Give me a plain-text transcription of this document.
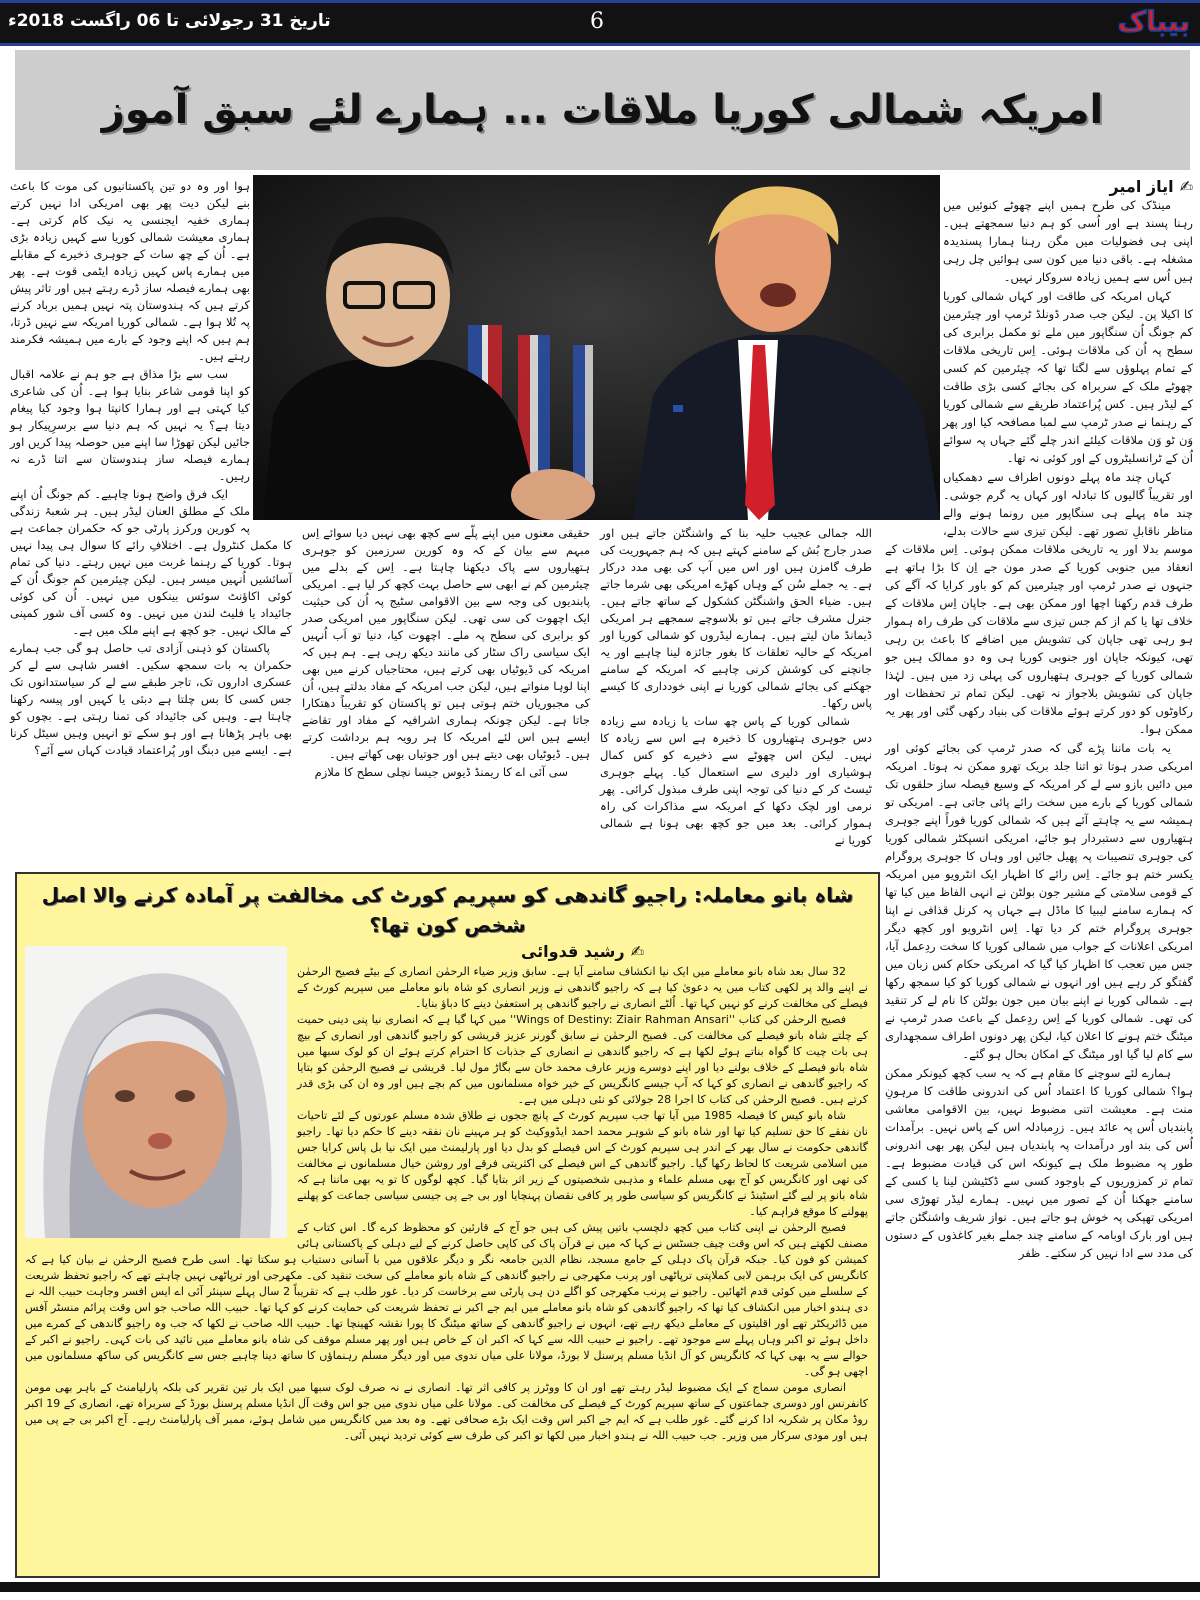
تاریخ 31 رجولائی تا 06 راگست 2018ء	6	بیباک
امریکہ شمالی کوریا ملاقات ... ہمارے لئے سبق آموز
✍
ایاز امیر

مینڈک کی طرح ہمیں اپنے چھوٹے کنوئیں میں رہنا پسند ہے اور اُسی کو ہم دنیا سمجھتے ہیں۔ اپنی ہی فضولیات میں مگن رہنا ہمارا پسندیدہ مشغلہ ہے۔ باقی دنیا میں کون سی ہوائیں چل رہی ہیں اُس سے ہمیں زیادہ سروکار نہیں۔

کہاں امریکہ کی طاقت اور کہاں شمالی کوریا کا اکیلا پن۔ لیکن جب صدر ڈونلڈ ٹرمپ اور چیئرمین کم جونگ اُن سنگاپور میں ملے تو مکمل برابری کی سطح پہ اُن کی ملاقات ہوئی۔ اِس تاریخی ملاقات کے تمام پہلوؤں سے لگتا تھا کہ چیئرمین کم کسی چھوٹے ملک کے سربراہ کی بجائے کسی بڑی طاقت کے لیڈر ہیں۔ کس پُراعتماد طریقے سے شمالی کوریا کے رہنما نے صدر ٹرمپ سے لمبا مصافحہ کیا اور پھر وَن ٹو وَن ملاقات کیلئے اندر چلے گئے جہاں پہ سوائے اُن کے ٹرانسلیٹروں کے اور کوئی نہ تھا۔

کہاں چند ماہ پہلے دونوں اطراف سے دھمکیاں اور تقریباً گالیوں کا تبادلہ اور کہاں یہ گرم جوشی۔ چند ماہ پہلے ہی سنگاپور میں رونما ہونے والے مناظر ناقابلِ تصور تھے۔ لیکن تیزی سے حالات بدلے، موسم بدلا اور یہ تاریخی ملاقات ممکن ہوئی۔ اِس ملاقات کے انعقاد میں جنوبی کوریا کے صدر مون جے اِن کا بڑا ہاتھ ہے جنہوں نے صدر ٹرمپ اور چیئرمین کم کو باور کرایا کہ آگے کی طرف قدم رکھنا اچھا اور ممکن بھی ہے۔ جاپان اِس ملاقات کے خلاف تھا یا کم از کم جس تیزی سے ملاقات کی طرف راہ ہموار ہو رہی تھی جاپان کی تشویش میں اضافے کا باعث بن رہی تھی، کیونکہ جاپان اور جنوبی کوریا ہی وہ دو ممالک ہیں جو شمالی کوریا کے جوہری ہتھیاروں کی پہلی زد میں ہیں۔ لہٰذا جاپان کی تشویش بلاجواز نہ تھی۔ لیکن تمام تر تحفظات اور رکاوٹوں کو دور کرتے ہوئے ملاقات کی بنیاد رکھی گئی اور پھر یہ ممکن ہوا۔

یہ بات ماننا پڑے گی کہ صدر ٹرمپ کی بجائے کوئی اور امریکی صدر ہوتا تو اتنا جلد بریک تھرو ممکن نہ ہوتا۔ امریکہ میں دائیں بازو سے لے کر امریکہ کے وسیع فیصلہ ساز حلقوں تک شمالی کوریا کے بارے میں سخت رائے پائی جاتی ہے۔ امریکی تو ہمیشہ سے یہ چاہتے آئے ہیں کہ شمالی کوریا فوراً اپنے جوہری ہتھیاروں سے دستبردار ہو جائے، امریکی انسپکٹر شمالی کوریا کی جوہری تنصیبات پہ پھیل جائیں اور وہاں کا جوہری پروگرام یکسر ختم ہو جائے۔ اِس رائے کا اظہار ایک انٹرویو میں امریکہ کے قومی سلامتی کے مشیر جون بولٹن نے انہی الفاظ میں کیا تھا کہ ہمارے سامنے لیبیا کا ماڈل ہے جہاں پہ کرنل قذافی نے اپنا جوہری پروگرام ختم کر دیا تھا۔ اِس انٹرویو اور کچھ دیگر امریکی اعلانات کے جواب میں شمالی کوریا کا سخت ردِعمل آیا، جس میں تعجب کا اظہار کیا گیا کہ امریکی حکام کس زبان میں گفتگو کر رہے ہیں اور انہوں نے شمالی کوریا کو کیا سمجھ رکھا ہے۔ شمالی کوریا نے اپنے بیان میں جون بولٹن کا نام لے کر تنقید کی تھی۔ شمالی کوریا کے اِس ردِعمل کے باعث صدر ٹرمپ نے میٹنگ ختم ہونے کا اعلان کیا، لیکن پھر دونوں اطراف سمجھداری سے کام لیا گیا اور میٹنگ کے امکان بحال ہو گئے۔

ہمارے لئے سوچنے کا مقام ہے کہ یہ سب کچھ کیونکر ممکن ہوا؟ شمالی کوریا کا اعتماد اُس کی اندرونی طاقت کا مرہونِ منت ہے۔ معیشت اتنی مضبوط نہیں، بین الاقوامی معاشی پابندیاں اُس پہ عائد ہیں۔ زرِمبادلہ اس کے پاس نہیں۔ برآمدات اُس کی بند اور درآمدات پہ پابندیاں ہیں لیکن پھر بھی اندرونی طور پہ مضبوط ملک ہے کیونکہ اس کی قیادت مضبوط ہے۔ تمام تر کمزوریوں کے باوجود کسی سے ڈکٹیشن لینا یا کسی کے سامنے جھکنا اُن کے تصور میں نہیں۔ ہمارے لیڈر تھوڑی سی امریکی تھپکی پہ خوش ہو جاتے ہیں۔ نواز شریف واشنگٹن جاتے ہیں اور بارک اوبامہ کے سامنے چند جملے بغیر کاغذوں کے دستوں کی مدد سے ادا نہیں کر سکتے۔ ظفر

ہوا اور وہ دو تین پاکستانیوں کی موت کا باعث بنے لیکن دیت پھر بھی امریکی ادا نہیں کرتے ہماری خفیہ ایجنسی یہ نیک کام کرتی ہے۔ ہماری معیشت شمالی کوریا سے کہیں زیادہ بڑی ہے۔ اُن کے چھ سات کے جوہری ذخیرے کے مقابلے میں ہمارے پاس کہیں زیادہ ایٹمی قوت ہے۔ پھر بھی ہمارے فیصلہ ساز ڈرے رہتے ہیں اور تاثر پیش کرتے ہیں کہ ہندوستان پتہ نہیں ہمیں برباد کرنے پہ تُلا ہوا ہے۔ شمالی کوریا امریکہ سے نہیں ڈرتا، ہم ہیں کہ اپنے وجود کے بارے میں ہمیشہ فکرمند رہتے ہیں۔

سب سے بڑا مذاق ہے جو ہم نے علامہ اقبال کو اپنا قومی شاعر بنایا ہوا ہے۔ اُن کی شاعری کیا کہتی ہے اور ہمارا کانپتا ہوا وجود کیا پیغام دیتا ہے؟ یہ نہیں کہ ہم دنیا سے برسرِپیکار ہو جائیں لیکن تھوڑا سا اپنے میں حوصلہ پیدا کریں اور ہمارے فیصلہ ساز ہندوستان سے اتنا ڈرے نہ رہیں۔

ایک فرق واضح ہونا چاہیے۔ کم جونگ اُن اپنے ملک کے مطلق العنان لیڈر ہیں۔ ہر شعبۂ زندگی پہ کورین ورکرز پارٹی جو کہ حکمران جماعت ہے کا مکمل کنٹرول ہے۔ اختلافِ رائے کا سوال ہی پیدا نہیں ہوتا۔ کوریا کے رہنما غربت میں نہیں رہتے۔ دنیا کی تمام آسائشیں اُنہیں میسر ہیں۔ لیکن چیئرمین کم جونگ اُن کے کوئی اکاؤنٹ سوئس بینکوں میں نہیں۔ اُن کی کوئی جائیداد یا فلیٹ لندن میں نہیں۔ وہ کسی آف شور کمپنی کے مالک نہیں۔ جو کچھ ہے اپنے ملک میں ہے۔

پاکستان کو ذہنی آزادی تب حاصل ہو گی جب ہمارے حکمران یہ بات سمجھ سکیں۔ افسر شاہی سے لے کر عسکری اداروں تک، تاجر طبقے سے لے کر سیاستدانوں تک جس کسی کا بس چلتا ہے دبئی یا کہیں اور پیسہ رکھنا چاہتا ہے۔ وہیں کی جائیداد کی تمنا رہتی ہے۔ بچوں کو بھی باہر پڑھانا ہے اور ہو سکے تو انہیں وہیں سیٹل کرنا ہے۔ ایسے میں دبنگ اور پُراعتماد قیادت کہاں سے آئے؟

حقیقی معنوں میں اپنے پلّے سے کچھ بھی نہیں دیا سوائے اِس مبہم سے بیان کے کہ وہ کورین سرزمین کو جوہری ہتھیاروں سے پاک دیکھنا چاہتا ہے۔ اِس کے بدلے میں چیئرمین کم نے ابھی سے حاصل بہت کچھ کر لیا ہے۔ امریکی پابندیوں کی وجہ سے بین الاقوامی سٹیج پہ اُن کی حیثیت ایک اچھوت کی سی تھی۔ لیکن سنگاپور میں امریکی صدر کو برابری کی سطح پہ ملے۔ اچھوت کیا، دنیا تو اَب اُنہیں ایک سیاسی راک سٹار کی مانند دیکھ رہی ہے۔ ہم ہیں کہ امریکہ کی ڈیوٹیاں بھی کرتے ہیں، محتاجیاں کرنے میں بھی اپنا لوہا منواتے ہیں، لیکن جب امریکہ کے مفاد بدلتے ہیں، اُن کی مجبوریاں ختم ہوتی ہیں تو پاکستان کو تقریباً دھتکارا جاتا ہے۔ لیکن چونکہ ہماری اشرافیہ کے مفاد اور تقاضے ایسے ہیں اس لئے امریکہ کا ہر رویہ ہم برداشت کرتے ہیں۔ ڈیوٹیاں بھی دیتے ہیں اور جوتیاں بھی کھاتے ہیں۔

سی آئی اے کا ریمنڈ ڈیوس جیسا نچلی سطح کا ملازم

اللہ جمالی عجیب حلیہ بنا کے واشنگٹن جاتے ہیں اور صدر جارج بُش کے سامنے کہتے ہیں کہ ہم جمہوریت کی طرف گامزن ہیں اور اس میں آپ کی بھی مدد درکار ہے۔ یہ جملے سُن کے وہاں کھڑے امریکی بھی شرما جاتے ہیں۔ ضیاء الحق واشنگٹن کشکول کے ساتھ جاتے ہیں۔ جنرل مشرف جاتے ہیں تو بلاسوچے سمجھے ہر امریکی ڈیمانڈ مان لیتے ہیں۔ ہمارے لیڈروں کو شمالی کوریا اور امریکہ کے حالیہ تعلقات کا بغور جائزہ لینا چاہیے اور یہ جانچنے کی کوشش کرنی چاہیے کہ امریکہ کے سامنے جھکنے کی بجائے شمالی کوریا نے اپنی خودداری کا کیسے پاس رکھا۔

شمالی کوریا کے پاس چھ سات یا زیادہ سے زیادہ دس جوہری ہتھیاروں کا ذخیرہ ہے اس سے زیادہ کا نہیں۔ لیکن اس چھوٹے سے ذخیرے کو کس کمال ہوشیاری اور دلیری سے استعمال کیا۔ پہلے جوہری ٹیسٹ کر کے دنیا کی توجہ اپنی طرف مبذول کرائی۔ پھر نرمی اور لچک دکھا کے امریکہ سے مذاکرات کی راہ ہموار کرائی۔ بعد میں جو کچھ بھی ہونا ہے شمالی کوریا نے

شاہ بانو معاملہ: راجیو گاندھی کو سپریم کورٹ کی مخالفت پر آمادہ کرنے والا اصل شخص کون تھا؟
✍
رشید قدوائی

32 سال بعد شاہ بانو معاملے میں ایک نیا انکشاف سامنے آیا ہے۔ سابق وزیر ضیاء الرحمٰن انصاری کے بیٹے فصیح الرحمٰن نے اپنے والد پر لکھی کتاب میں یہ دعویٰ کیا ہے کہ راجیو گاندھی نے وزیر انصاری کو شاہ بانو معاملے میں سپریم کورٹ کے فیصلے کی مخالفت کرنے کو نہیں کہا تھا۔ اُلٹے انصاری نے راجیو گاندھی پر استعفیٰ دینے کا دباؤ بنایا۔

فصیح الرحمٰن کی کتاب ''Wings of Destiny: Ziair Rahman Ansari'' میں کہا گیا ہے کہ انصاری نیا پنی دینی حمیت کے چلتے شاہ بانو فیصلے کی مخالفت کی۔ فصیح الرحمٰن نے سابق گورنر عزیز قریشی کو راجیو گاندھی اور انصاری کے بیچ ہی بات چیت کا گواہ بناتے ہوئے لکھا ہے کہ راجیو گاندھی نے انصاری کے جذبات کا احترام کرتے ہوئے ان کو لوک سبھا میں شاہ بانو فیصلے کے خلاف بولنے دیا اور اپنے دوسرے وزیر عارف محمد خان سے بگاڑ مول لیا۔ قریشی نے فصیح الرحمٰن کو بتایا کہ راجیو گاندھی نے انصاری کو کہا کہ آپ جیسے کانگریس کے خیر خواہ مسلمانوں میں کم بچے ہیں اور وہ ان کی بڑی قدر کرتے ہیں۔ فصیح الرحمٰن کی کتاب کا اجرا 28 جولائی کو نئی دہلی میں ہے۔

شاہ بانو کیس کا فیصلہ 1985 میں آیا تھا جب سپریم کورٹ کے پانچ ججوں نے طلاق شدہ مسلم عورتوں کے لئے تاحیات نان نفقے کا حق تسلیم کیا تھا اور شاہ بانو کے شوہر محمد احمد ایڈووکیٹ کو ہر مہینے نان نفقہ دینے کا حکم دیا تھا۔ راجیو گاندھی حکومت نے سال بھر کے اندر ہی سپریم کورٹ کے اس فیصلے کو بدل دیا اور پارلیمنٹ میں ایک نیا بل پاس کرایا جس میں اسلامی شریعت کا لحاظ رکھا گیا۔ راجیو گاندھی کے اس فیصلے کی اکثریتی فرقے اور روشن خیال مسلمانوں نے مخالفت کی تھی اور کانگریس کو آج بھی مسلم علماء و مذہبی شخصیتوں کے زیر اثر بتایا گیا۔ کچھ لوگوں کا تو یہ بھی ماننا ہے کہ شاہ بانو پر لیے گئے اسٹینڈ نے کانگریس کو سیاسی طور پر کافی نقصان پہنچایا اور بی جے پی جیسی سیاسی جماعت کو پھلنے پھولنے کا موقع فراہم کیا۔

فصیح الرحمٰن نے اپنی کتاب میں کچھ دلچسپ باتیں پیش کی ہیں جو آج کے قارئین کو محظوظ کرے گا۔ اس کتاب کے مصنف لکھتے ہیں کہ اس وقت چیف جسٹس نے کہا کہ میں نے قرآن پاک کی کاپی حاصل کرنے کے لیے دہلی کے پاکستانی ہائی کمیشن کو فون کیا۔ جبکہ قرآن پاک دہلی کے جامع مسجد، نظام الدین جامعہ نگر و دیگر علاقوں میں با آسانی دستیاب ہو سکتا تھا۔ اسی طرح فصیح الرحمٰن نے بیان کیا ہے کہ کانگریس کی ایک برہمن لابی کملاپتی ترپاٹھی اور پرنب مکھرجی نے راجیو گاندھی کے شاہ بانو معاملے کی سخت تنقید کی۔ مکھرجی اور ترپاٹھی نہیں چاہتے تھے کہ راجیو تحفظ شریعت کے سلسلے میں کوئی قدم اٹھائیں۔ راجیو نے پرنب مکھرجی کو اگلے دن ہی پارٹی سے برخاست کر دیا۔ غور طلب ہے کہ تقریباً 2 سال پہلے سینئر آئی اے ایس افسر وجاہت حبیب اللہ نے دی ہندو اخبار میں انکشاف کیا تھا کہ راجیو گاندھی کو شاہ بانو معاملے میں ایم جے اکبر نے تحفظ شریعت کی حمایت کرنے کو کہا تھا۔ حبیب اللہ صاحب جو اس وقت پرائم منسٹر آفس میں ڈائریکٹر تھے اور اقلیتوں کے معاملے دیکھ رہے تھے، انہوں نے راجیو گاندھی کے ساتھ میٹنگ کا پورا نقشہ کھینچا تھا۔ حبیب اللہ صاحب نے لکھا کہ جب وہ راجیو گاندھی کے کمرے میں داخل ہوئے تو اکبر وہاں پہلے سے موجود تھے۔ راجیو نے حبیب اللہ سے کہا کہ اکبر ان کے خاص ہیں اور پھر مسلم موقف کی شاہ بانو معاملے میں تائید کی بات کہی۔ راجیو نے اکبر کے حوالے سے یہ بھی کہا کہ کانگریس کو آل انڈیا مسلم پرسنل لا بورڈ، مولانا علی میاں ندوی میں اور دیگر مسلم رہنماؤں کا ساتھ دینا چاہیے جس سے کانگریس کی ساکھ مسلمانوں میں اچھی ہو گی۔

انصاری مومن سماج کے ایک مضبوط لیڈر رہتے تھے اور ان کا ووٹرز پر کافی اثر تھا۔ انصاری نے نہ صرف لوک سبھا میں ایک بار تین تقریر کی بلکہ پارلیامنٹ کے باہر بھی مومن کانفرنس اور دوسری جماعتوں کے ساتھ سپریم کورٹ کے فیصلے کی مخالفت کی۔ مولانا علی میاں ندوی میں جو اس وقت آل انڈیا مسلم پرسنل بورڈ کے سربراہ تھے، انصاری کے 19 اکبر روڈ مکان پر شکریہ ادا کرنے گئے۔ غور طلب ہے کہ ایم جے اکبر اس وقت ایک بڑے صحافی تھے۔ وہ بعد میں کانگریس میں شامل ہوئے، ممبر آف پارلیامنٹ رہے۔ آج اکبر بی جے پی میں ہیں اور مودی سرکار میں وزیر۔ جب حبیب اللہ نے ہندو اخبار میں لکھا تو اکبر کی طرف سے کوئی تردید نہیں آئی۔
